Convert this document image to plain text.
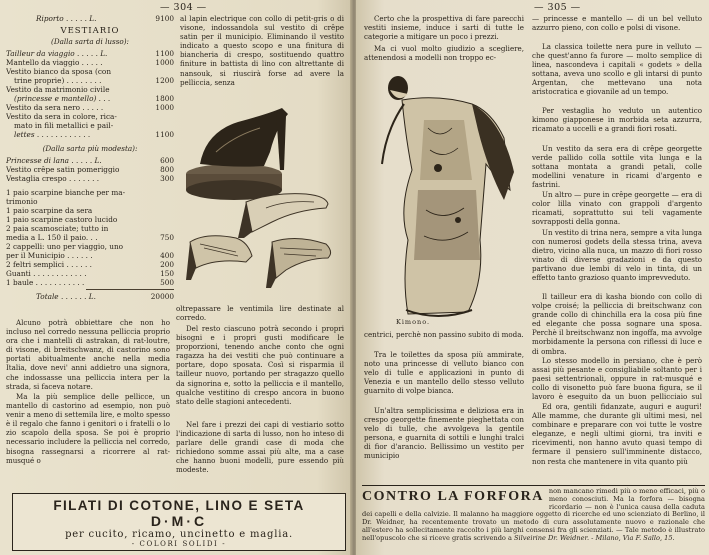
— 304 —
Riporto . . . . . L.	9100
VESTIARIO
(Dalla sarta di lusso):
Tailleur da viaggio . . . . . L.	1100
Mantello da viaggio . . . . .	1000
Vestito bianco da sposa (con
trine proprie) . . . . . . . .	1200
Vestito da matrimonio civile
(princesse e mantello) . . .	1800
Vestito da sera nero . . . . .	1000
Vestito da sera in colore, rica-
mato in fili metallici e pail-
lettes . . . . . . . . . . . .	1100
(Dalla sarta più modesta):
Princesse di lana . . . . . L.	600
Vestito crêpe satin pomeriggio	800
Vestaglia crespo . . . . . . .	300
1 paio scarpine bianche per ma-
trimonio
1 paio scarpine da sera
1 paio scarpine castoro lucido
2 paia scamosciate; tutto in
media a L. 150 il paio. . .	750
2 cappelli: uno per viaggio, uno
per il Municipio . . . . . .	400
2 feltri semplici . . . . . .	200
Guanti . . . . . . . . . . . .	150
1 baule . . . . . . . . . . .	500
Totale . . . . . . L.	20000
al lapin electrique con collo di petit-gris o di visone, indossandola sul vestito di crêpe satin per il municipio. Eliminando il vestito indicato a questo scopo e una finitura di biancheria di crespo, sostituendo quattro finiture in battista di lino con altrettante di nansouk, si riuscirà forse ad avere la pellicciа, senza
oltrepassare le ventimila lire destinate al corredo.
Alcuno potrà obbiettare che non ho incluso nel corredo nessuna pelliccia proprio ora che i mantelli di astrakan, di rat-loutre, di visone, di breitschwanz, di castorino sono portati abitualmente anche nella media Italia, dove nevi' anni addietro una signora, che indossasse una pelliccia intera per la strada, si faceva notare.
Ma la più semplice delle pellicce, un mantello di castorino ad esempio, non può venir a meno di settemila lire, e molto spesso è il regalo che fanno i genitori o i fratelli o lo zio scapolo della sposa. Se poi è proprio necessario includere la pelliccia nel corredo, bisogna rassegnarsi a ricorrere al rat-musqué o
Del resto ciascuno potrà secondo i propri bisogni e i propri gusti modificare le proporzioni, tenendo anche conto che ogni ragazza ha dei vestiti che può continuare a portare, dopo sposata. Così si risparmia il tailleur nuovo, portando per stragazzo quello da signorina e, sotto la pelliccia e il mantello, qualche vestitino di crespo ancora in buono stato delle stagioni antecedenti.
Nel fare i prezzi dei capi di vestiario sotto l'indicazione di sarta di lusso, non ho inteso di parlare delle grandi case di moda che richiedono somme assai più alte, ma a case che hanno buoni modelli, pure essendo più modeste.
FILATI DI COTONE, LINO E SETA
D·M·C
per cucito, ricamo, uncinetto e maglia.
- COLORI SOLIDI -
— 305 —
Certo che la prospettiva di fare parecchi vestiti insieme, induce i sarti di tutte le categorie a mitigare un poco i prezzi.
Ma ci vuol molto giudizio a scegliere, attenendosi a modelli non troppo ec-
Kimono.
centrici, perchè non passino subito di moda.
Tra le toilettes da sposa più ammirate, noto una princesse di velluto bianco con velo di tulle e applicazioni in punto di Venezia e un mantello dello stesso velluto guarnito di volpe bianca.
Un'altra semplicissima e deliziosa era in crespo georgette finemente pieghettata con velo di tulle, che avvolgeva la gentile persona, e guarnita di sottili e lunghi tralci di fior d'arancio. Bellissimo un vestito per municipio
— princesse e mantello — di un bel velluto azzurro pieno, con collo e polsi di visone.
La classica toilette nera pure in velluto — che quest'anno fa furore — molto semplice di linea, nascondeva i capitali « godets » della sottana, aveva uno scollo e gli intarsi di punto Argentan, che mettevano una nota aristocratica e giovanile ad un tempo.
Per vestaglia ho veduto un autentico kimono giapponese in morbida seta azzurra, ricamato a uccelli e a grandi fiori rosati.
Un vestito da sera era di crêpe georgette verde pallido colla sottile vita lunga e la sottana montata a grandi petali, colle modellini venature in ricami d'argento e fastrini.
Un altro — pure in crêpe georgette — era di color lilla vinato con grappoli d'argento ricamati, soprattutto sui teli vagamente sovrapposti della gonna.
Un vestito di trina nera, sempre a vita lunga con numerosi godets della stessa trina, aveva dietro, vicino alla nuca, un mazzo di fiori rosso vinato di diverse gradazioni e da questo partivano due lembi di velo in tinta, di un effetto tanto grazioso quanto imprevveduto.
Il tailleur era di kasha biondo con collo di volpe croisé; la pelliccia di breitschwanz con grande collo di chinchilla era la cosa più fine ed elegante che possa sognare una sposa. Perchè il breitschwanz non ingoffa, ma avvolge morbidamente la persona con riflessi di luce e di ombra.
Lo stesso modello in persiano, che è però assai più pesante e consigliabile soltanto per i paesi settentrionali, oppure in rat-musqué e collo di visonetto può fare buona figura, se il lavoro è eseguito da un buon pellicciaio sul
Ed ora, gentili fidanzate, auguri e auguri! Alle mamme, che durante gli ultimi mesi, nel combinare e preparare con voi tutte le vostre eleganze, e negli ultimi giorni, tra inviti e ricevimenti, non hanno avuto quasi tempo di fermare il pensiero sull'imminente distacco, non resta che mantenere in vita quanto più
CONTRO LA FORFORA non mancano rimedi più o meno efficaci, più o meno conosciuti. Ma la forfora — bisogna ricordario — non è l'unica causa della caduta dei capelli e della calvizie. Il malanno ha maggiore oggetto di ricerche ed uno scienziato di Berlino, il Dr. Weidner, ha recentemente trovato un metodo di cura assolutamente nuovo e razionale che all'estero ha sollecitamente raccolto i più larghi consensi fra gli scienziati. — Tale metodo è illustrato nell'opuscolo che si riceve gratis scrivendo a Silveirine Dr. Weidner. - Milano, Via F. Sallo, 15.
